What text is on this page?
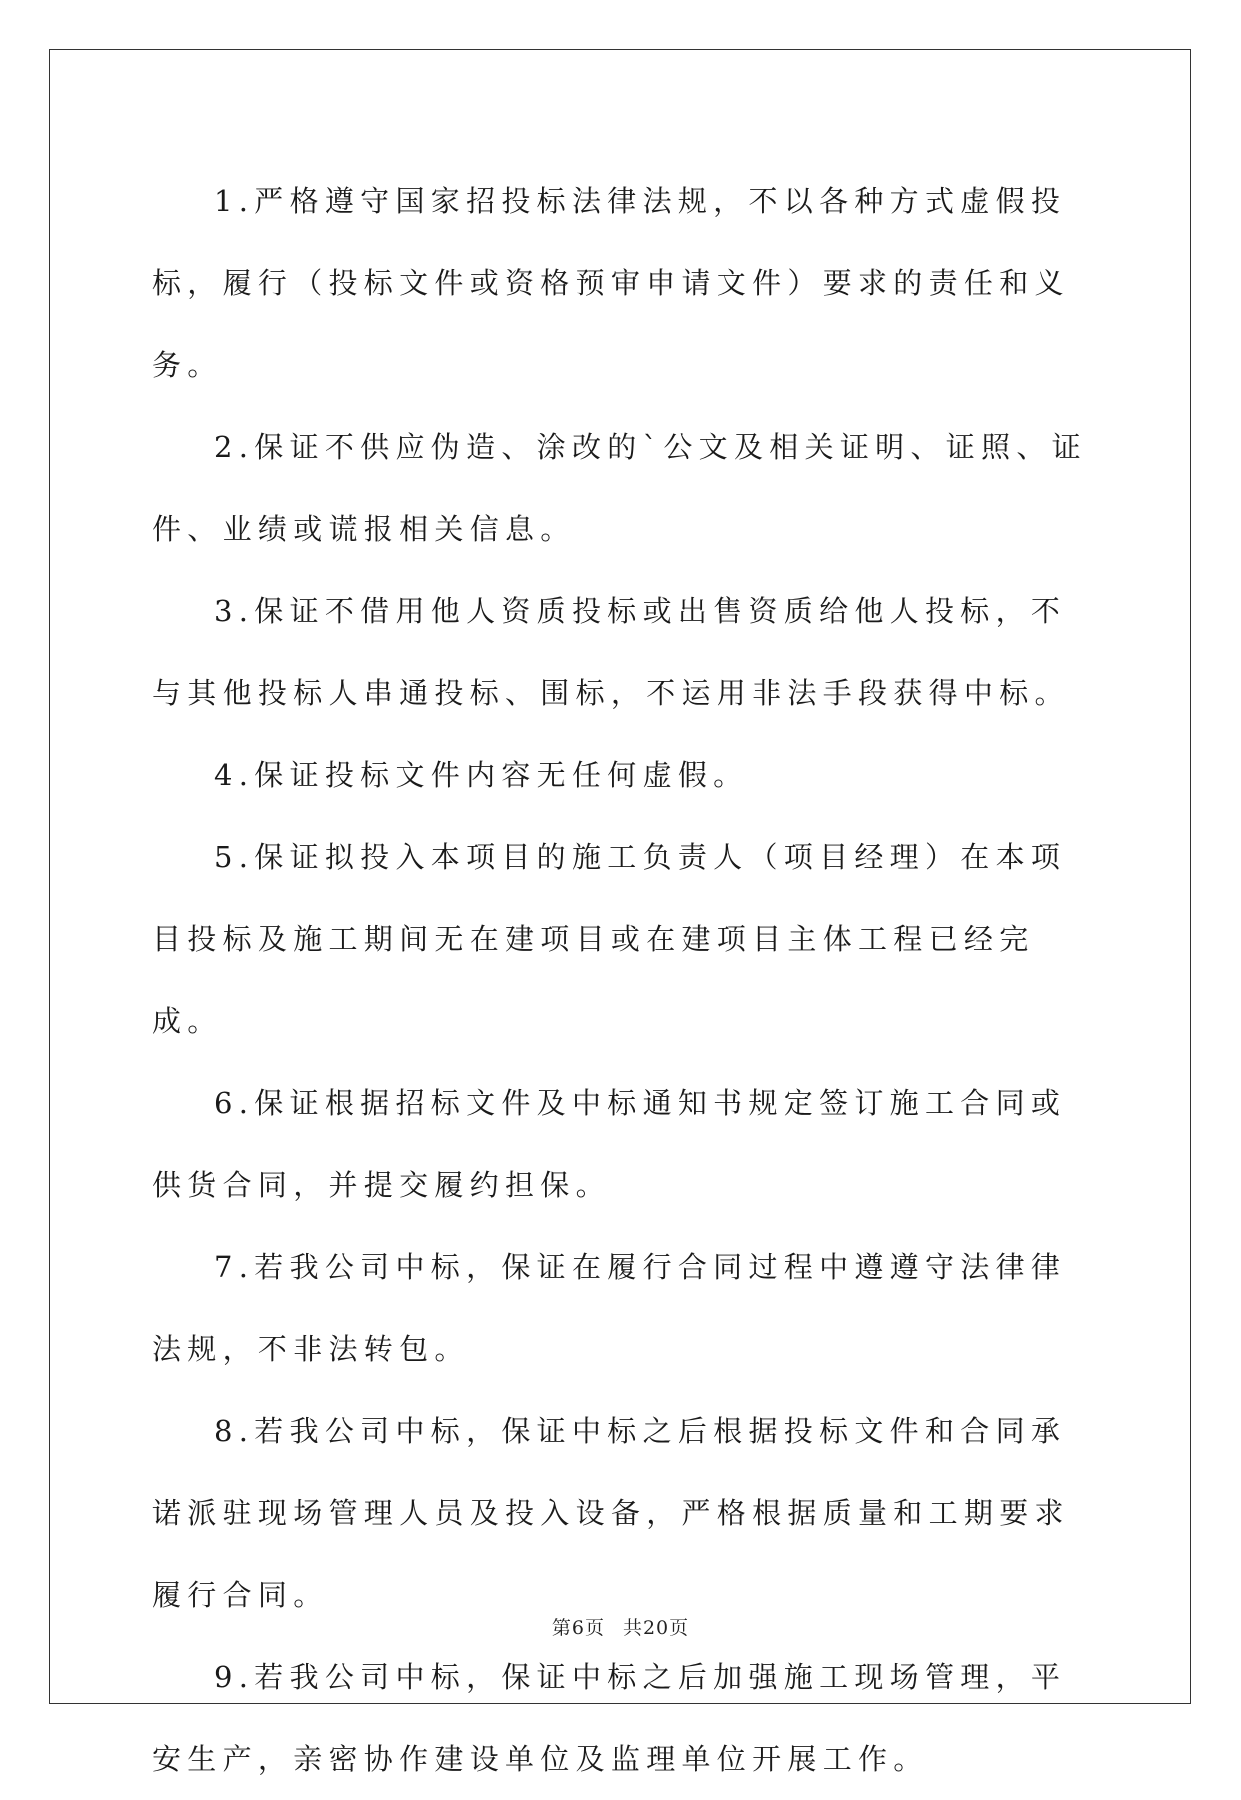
1.严格遵守国家招投标法律法规，不以各种方式虚假投标，履行（投标文件或资格预审申请文件）要求的责任和义务。

2.保证不供应伪造、涂改的`公文及相关证明、证照、证件、业绩或谎报相关信息。

3.保证不借用他人资质投标或出售资质给他人投标，不与其他投标人串通投标、围标，不运用非法手段获得中标。

4.保证投标文件内容无任何虚假。

5.保证拟投入本项目的施工负责人（项目经理）在本项目投标及施工期间无在建项目或在建项目主体工程已经完成。

6.保证根据招标文件及中标通知书规定签订施工合同或供货合同，并提交履约担保。

7.若我公司中标，保证在履行合同过程中遵遵守法律律法规，不非法转包。

8.若我公司中标，保证中标之后根据投标文件和合同承诺派驻现场管理人员及投入设备，严格根据质量和工期要求履行合同。

9.若我公司中标，保证中标之后加强施工现场管理，平安生产，亲密协作建设单位及监理单位开展工作。

第6页 共20页
